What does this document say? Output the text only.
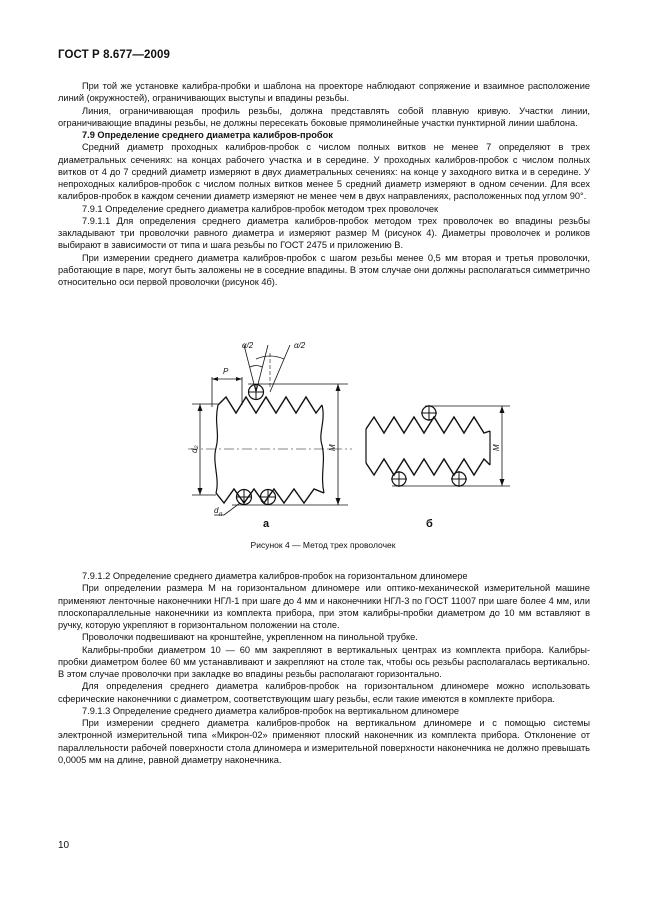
ГОСТ Р 8.677—2009

При той же установке калибра-пробки и шаблона на проекторе наблюдают сопряжение и взаимное расположение линий (окружностей), ограничивающих выступы и впадины резьбы.

Линия, ограничивающая профиль резьбы, должна представлять собой плавную кривую. Участки линии, ограничивающие впадины резьбы, не должны пересекать боковые прямолинейные участки пунктирной линии шаблона.

7.9 Определение среднего диаметра калибров-пробок

Средний диаметр проходных калибров-пробок с числом полных витков не менее 7 определяют в трех диаметральных сечениях: на концах рабочего участка и в середине. У проходных калибров-пробок с числом полных витков от 4 до 7 средний диаметр измеряют в двух диаметральных сечениях: на конце у заходного витка и в середине. У непроходных калибров-пробок с числом полных витков менее 5 средний диаметр измеряют в одном сечении. Для всех калибров-пробок в каждом сечении диаметр измеряют не менее чем в двух направлениях, расположенных под углом 90°.

7.9.1 Определение среднего диаметра калибров-пробок методом трех проволочек

7.9.1.1 Для определения среднего диаметра калибров-пробок методом трех проволочек во впадины резьбы закладывают три проволочки равного диаметра и измеряют размер M (рисунок 4). Диаметры проволочек и роликов выбирают в зависимости от типа и шага резьбы по ГОСТ 2475 и приложению В.

При измерении среднего диаметра калибров-пробок с шагом резьбы менее 0,5 мм вторая и третья проволочки, работающие в паре, могут быть заложены не в соседние впадины. В этом случае они должны располагаться симметрично относительно оси первой проволочки (рисунок 4б).

α/2	α/2
P
d₂	M	M
d п
а	б
Рисунок 4 — Метод трех проволочек

7.9.1.2 Определение среднего диаметра калибров-пробок на горизонтальном длиномере

При определении размера M на горизонтальном длиномере или оптико-механической измерительной машине применяют ленточные наконечники НГЛ-1 при шаге до 4 мм и наконечники НГЛ-3 по ГОСТ 11007 при шаге более 4 мм, или плоскопараллельные наконечники из комплекта прибора, при этом калибры-пробки диаметром до 10 мм вставляют в ручку, которую укрепляют в горизонтальном положении на столе.

Проволочки подвешивают на кронштейне, укрепленном на пинольной трубке.

Калибры-пробки диаметром 10 — 60 мм закрепляют в вертикальных центрах из комплекта прибора. Калибры-пробки диаметром более 60 мм устанавливают и закрепляют на столе так, чтобы ось резьбы располагалась вертикально. В этом случае проволочки при закладке во впадины резьбы располагают горизонтально.

Для определения среднего диаметра калибров-пробок на горизонтальном длиномере можно использовать сферические наконечники с диаметром, соответствующим шагу резьбы, если такие имеются в комплекте прибора.

7.9.1.3 Определение среднего диаметра калибров-пробок на вертикальном длиномере

При измерении среднего диаметра калибров-пробок на вертикальном длиномере и с помощью системы электронной измерительной типа «Микрон-02» применяют плоский наконечник из комплекта прибора. Отклонение от параллельности рабочей поверхности стола длиномера и измерительной поверхности наконечника не должно превышать 0,0005 мм на длине, равной диаметру наконечника.

10
